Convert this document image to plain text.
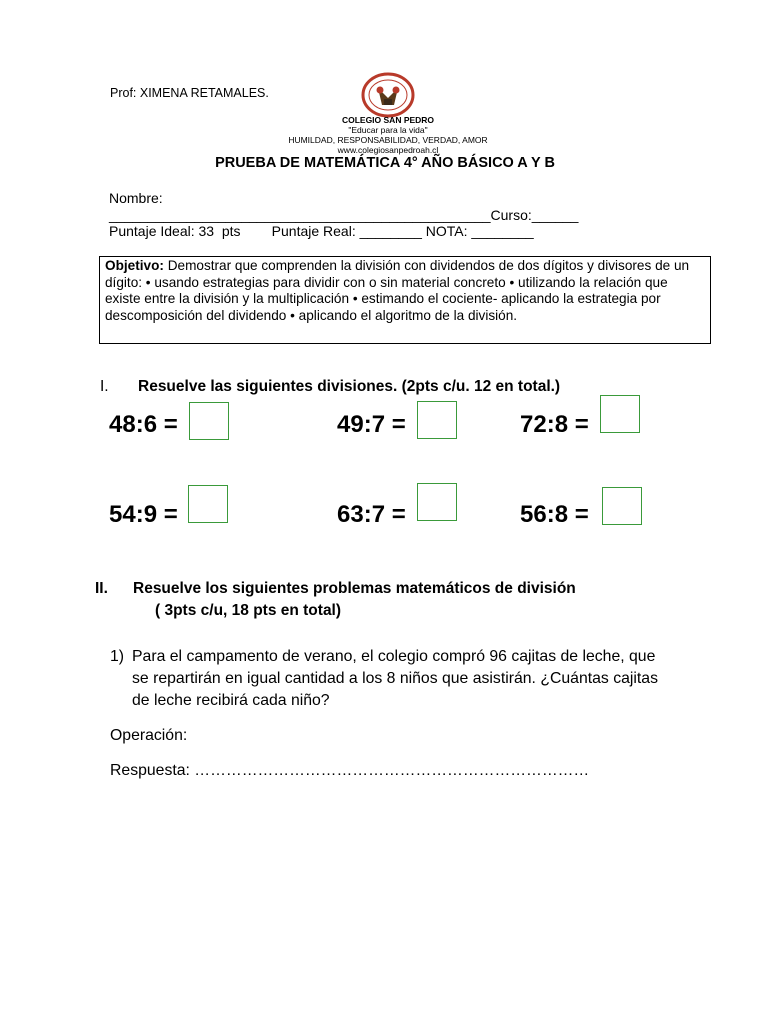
Prof: XIMENA RETAMALES.
COLEGIO SAN PEDRO
"Educar para la vida"
HUMILDAD, RESPONSABILIDAD, VERDAD, AMOR
www.colegiosanpedroah.cl
PRUEBA DE MATEMÁTICA 4° AÑO BÁSICO A Y B
Nombre:
_________________________________________________Curso:______
Puntaje Ideal: 33  pts        Puntaje Real: ________ NOTA: ________
Objetivo: Demostrar que comprenden la división con dividendos de dos dígitos y divisores de un dígito: • usando estrategias para dividir con o sin material concreto • utilizando la relación que existe entre la división y la multiplicación • estimando el cociente- aplicando la estrategia por descomposición del dividendo • aplicando el algoritmo de la división.
I. Resuelve las siguientes divisiones. (2pts c/u. 12 en total.)
48:6 =	49:7 =	72:8 =
54:9 =	63:7 =	56:8 =
II. Resuelve los siguientes problemas matemáticos de división
( 3pts c/u, 18 pts en total)
1) Para el campamento de verano, el colegio compró 96 cajitas de leche, que se repartirán en igual cantidad a los 8 niños que asistirán. ¿Cuántas cajitas de leche recibirá cada niño?
Operación:
Respuesta: …………………………………………………………………
